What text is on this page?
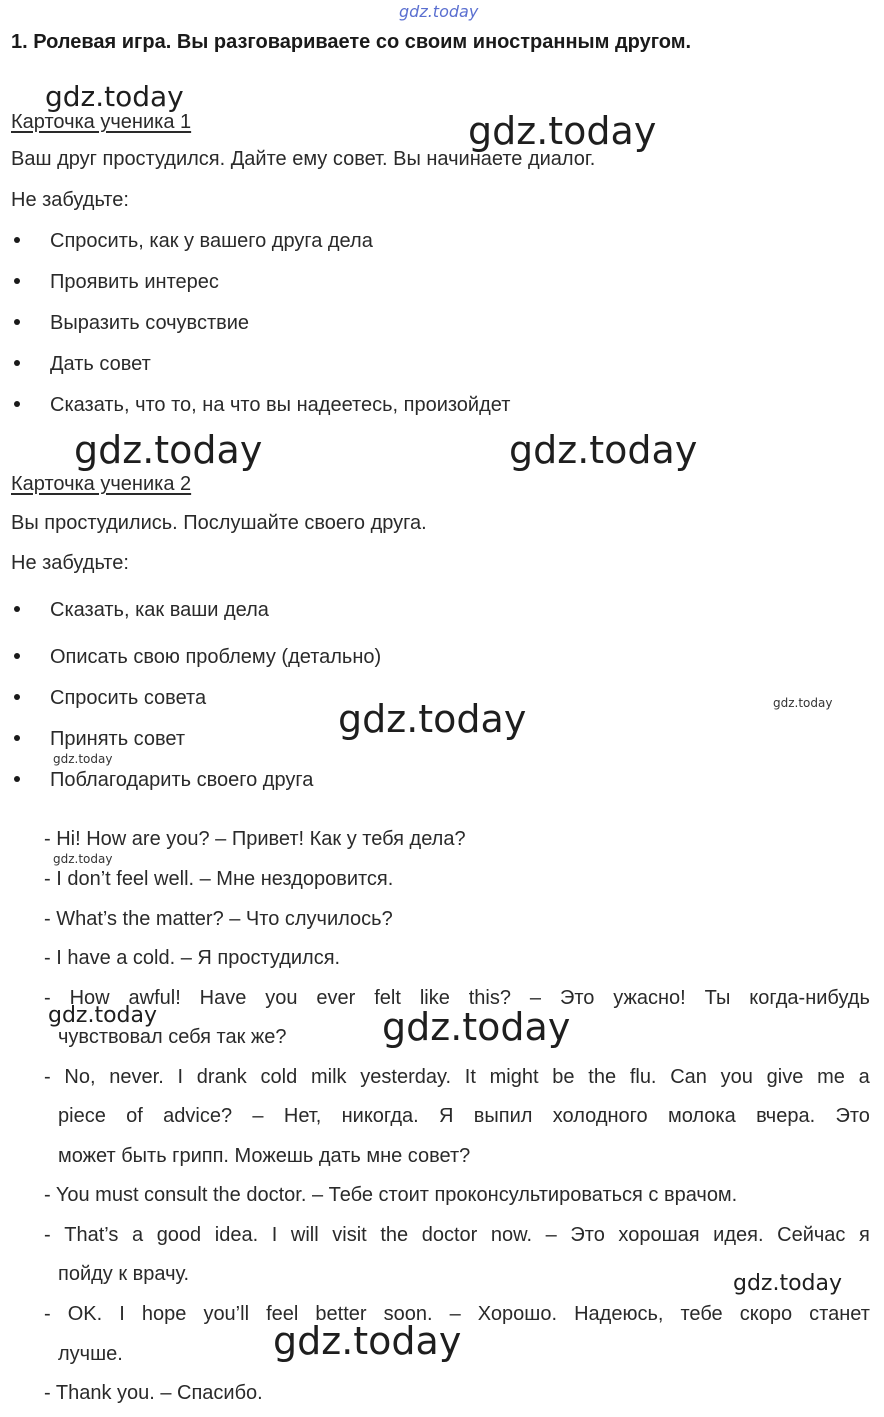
gdz.today
gdz.today
gdz.today
gdz.today	gdz.today
gdz.today
gdz.today
gdz.today
gdz.today
gdz.today	gdz.today
gdz.today
gdz.today
1. Ролевая игра. Вы разговариваете со своим иностранным другом.
Карточка ученика 1
Ваш друг простудился. Дайте ему совет. Вы начинаете диалог.
Не забудьте:
Спросить, как у вашего друга дела
Проявить интерес
Выразить сочувствие
Дать совет
Сказать, что то, на что вы надеетесь, произойдет
Карточка ученика 2
Вы простудились. Послушайте своего друга.
Не забудьте:
Сказать, как ваши дела
Описать свою проблему (детально)
Спросить совета
Принять совет
Поблагодарить своего друга
- Hi! How are you? – Привет! Как у тебя дела?
- I don’t feel well. – Мне нездоровится.
- What’s the matter? – Что случилось?
- I have a cold. – Я простудился.
- How awful! Have you ever felt like this? – Это ужасно! Ты когда-нибудь
чувствовал себя так же?
- No, never. I drank cold milk yesterday. It might be the flu. Can you give me a
piece of advice? – Нет, никогда. Я выпил холодного молока вчера. Это
может быть грипп. Можешь дать мне совет?
- You must consult the doctor. – Тебе стоит проконсультироваться с врачом.
- That’s a good idea. I will visit the doctor now. – Это хорошая идея. Сейчас я
пойду к врачу.
- OK. I hope you’ll feel better soon. – Хорошо. Надеюсь, тебе скоро станет
лучше.
- Thank you. – Спасибо.
